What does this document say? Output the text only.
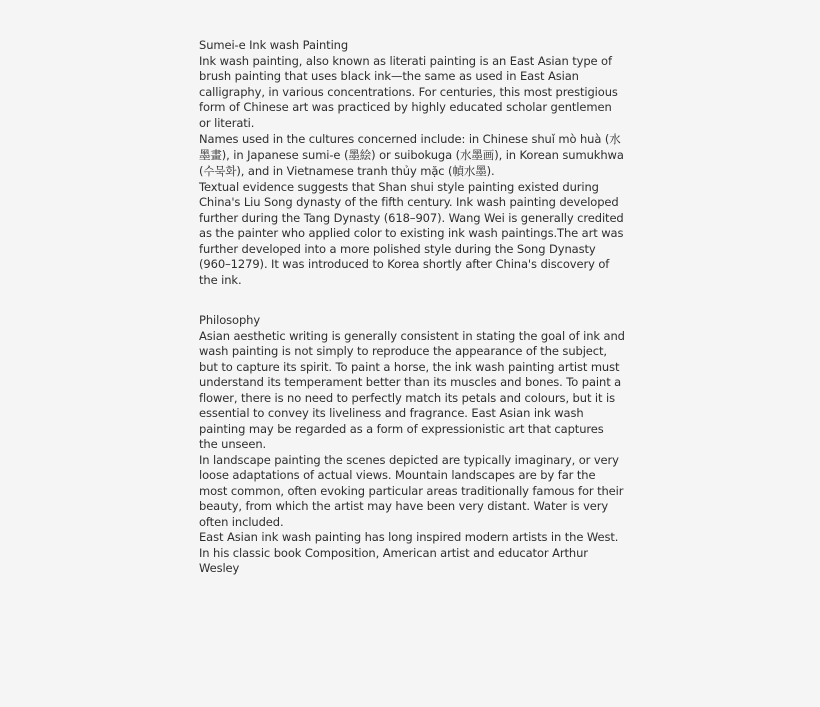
Sumei-e Ink wash Painting

Ink wash painting, also known as literati painting is an East Asian type of brush painting that uses black ink—the same as used in East Asian calligraphy, in various concentrations. For centuries, this most prestigious form of Chinese art was practiced by highly educated scholar gentlemen or literati.

Names used in the cultures concerned include: in Chinese shuǐ mò huà (水墨畫), in Japanese sumi-e (墨絵) or suibokuga (水墨画), in Korean sumukhwa (수묵화), and in Vietnamese tranh thủy mặc (幀水墨).

Textual evidence suggests that Shan shui style painting existed during China's Liu Song dynasty of the fifth century. Ink wash painting developed further during the Tang Dynasty (618–907). Wang Wei is generally credited as the painter who applied color to existing ink wash paintings.The art was further developed into a more polished style during the Song Dynasty (960–1279). It was introduced to Korea shortly after China's discovery of the ink.

Philosophy

Asian aesthetic writing is generally consistent in stating the goal of ink and wash painting is not simply to reproduce the appearance of the subject, but to capture its spirit. To paint a horse, the ink wash painting artist must understand its temperament better than its muscles and bones. To paint a flower, there is no need to perfectly match its petals and colours, but it is essential to convey its liveliness and fragrance. East Asian ink wash painting may be regarded as a form of expressionistic art that captures the unseen.

In landscape painting the scenes depicted are typically imaginary, or very loose adaptations of actual views. Mountain landscapes are by far the most common, often evoking particular areas traditionally famous for their beauty, from which the artist may have been very distant. Water is very often included.

East Asian ink wash painting has long inspired modern artists in the West. In his classic book Composition, American artist and educator Arthur Wesley
